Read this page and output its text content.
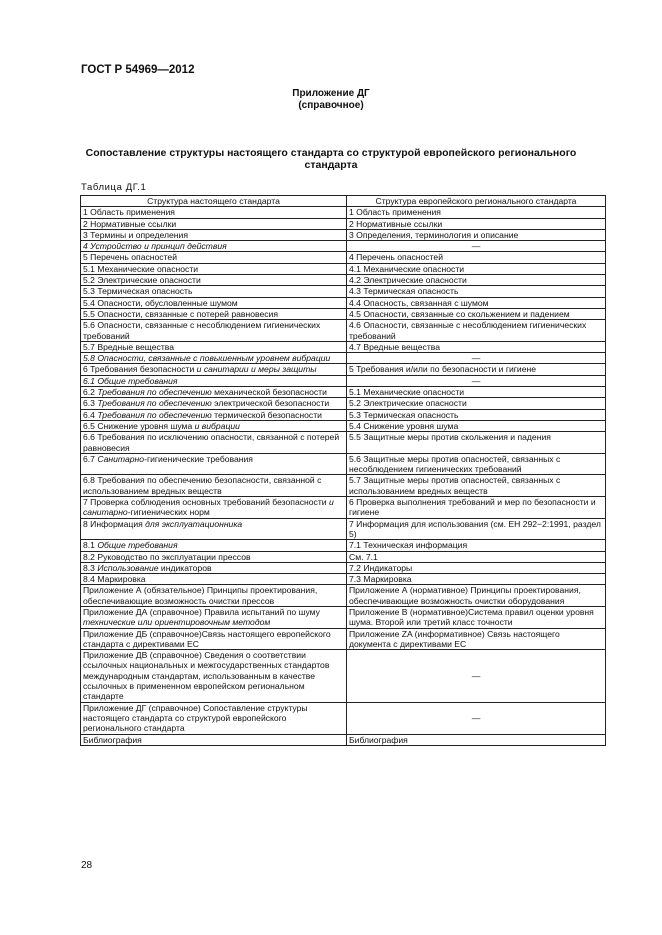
ГОСТ Р 54969—2012
Приложение ДГ
(справочное)
Сопоставление структуры настоящего стандарта со структурой европейского регионального стандарта
Таблица ДГ.1
Структура настоящего стандарта	Структура европейского регионального стандарта
1 Область применения	1 Область применения
2 Нормативные ссылки	2 Нормативные ссылки
3 Термины и определения	3 Определения, терминология и описание
4 Устройство и принцип действия	—
5 Перечень опасностей	4 Перечень опасностей
5.1 Механические опасности	4.1 Механические опасности
5.2 Электрические опасности	4.2 Электрические опасности
5.3 Термическая опасность	4.3 Термическая опасность
5.4 Опасности, обусловленные шумом	4.4 Опасность, связанная с шумом
5.5 Опасности, связанные с потерей равновесия	4.5 Опасности, связанные со скольжением и падением
5.6 Опасности, связанные с несоблюдением гигиенических требований	4.6 Опасности, связанные с несоблюдением гигиенических требований
5.7 Вредные вещества	4.7 Вредные вещества
5.8 Опасности, связанные с повышенным уровнем вибрации	—
6 Требования безопасности и санитарии и меры защиты	5 Требования и/или по безопасности и гигиене
6.1 Общие требования	—
6.2 Требования по обеспечению механической безопасности	5.1 Механические опасности
6.3 Требования по обеспечению электрической безопасности	5.2 Электрические опасности
6.4 Требования по обеспечению термической безопасности	5.3 Термическая опасность
6.5 Снижение уровня шума и вибрации	5.4 Снижение уровня шума
6.6 Требования по исключению опасности, связанной с потерей равновесия	5.5 Защитные меры против скольжения и падения
6.7 Санитарно-гигиенические требования	5.6 Защитные меры против опасностей, связанных с несоблюдением гигиенических требований
6.8 Требования по обеспечению безопасности, связанной с использованием вредных веществ	5.7 Защитные меры против опасностей, связанных с использованием вредных веществ
7 Проверка соблюдения основных требований безопасности и санитарно-гигиенических норм	6 Проверка выполнения требований и мер по безопасности и гигиене
8 Информация для эксплуатационника	7 Информация для использования (см. ЕН 292−2:1991, раздел 5)
8.1 Общие требования	7.1 Техническая информация
8.2 Руководство по эксплуатации прессов	См. 7.1
8.3 Использование индикаторов	7.2 Индикаторы
8.4 Маркировка	7.3 Маркировка
Приложение А (обязательное) Принципы проектирования, обеспечивающие возможность очистки прессов	Приложение А (нормативное) Принципы проектирования, обеспечивающие возможность очистки оборудования
Приложение ДА (справочное) Правила испытаний по шуму технические или ориентировочным методом	Приложение В (нормативное)Система правил оценки уровня шума. Второй или третий класс точности
Приложение ДБ (справочное)Связь настоящего европейского стандарта с директивами ЕС	Приложение ZA (информативное) Связь настоящего документа с директивами ЕС
Приложение ДВ (справочное) Сведения о соответствии ссылочных национальных и межгосударственных стандартов международным стандартам, использованным в качестве ссылочных в примененном европейском региональном стандарте	—
Приложение ДГ (справочное) Сопоставление структуры настоящего стандарта со структурой европейского регионального стандарта	—
Библиография	Библиография
28
